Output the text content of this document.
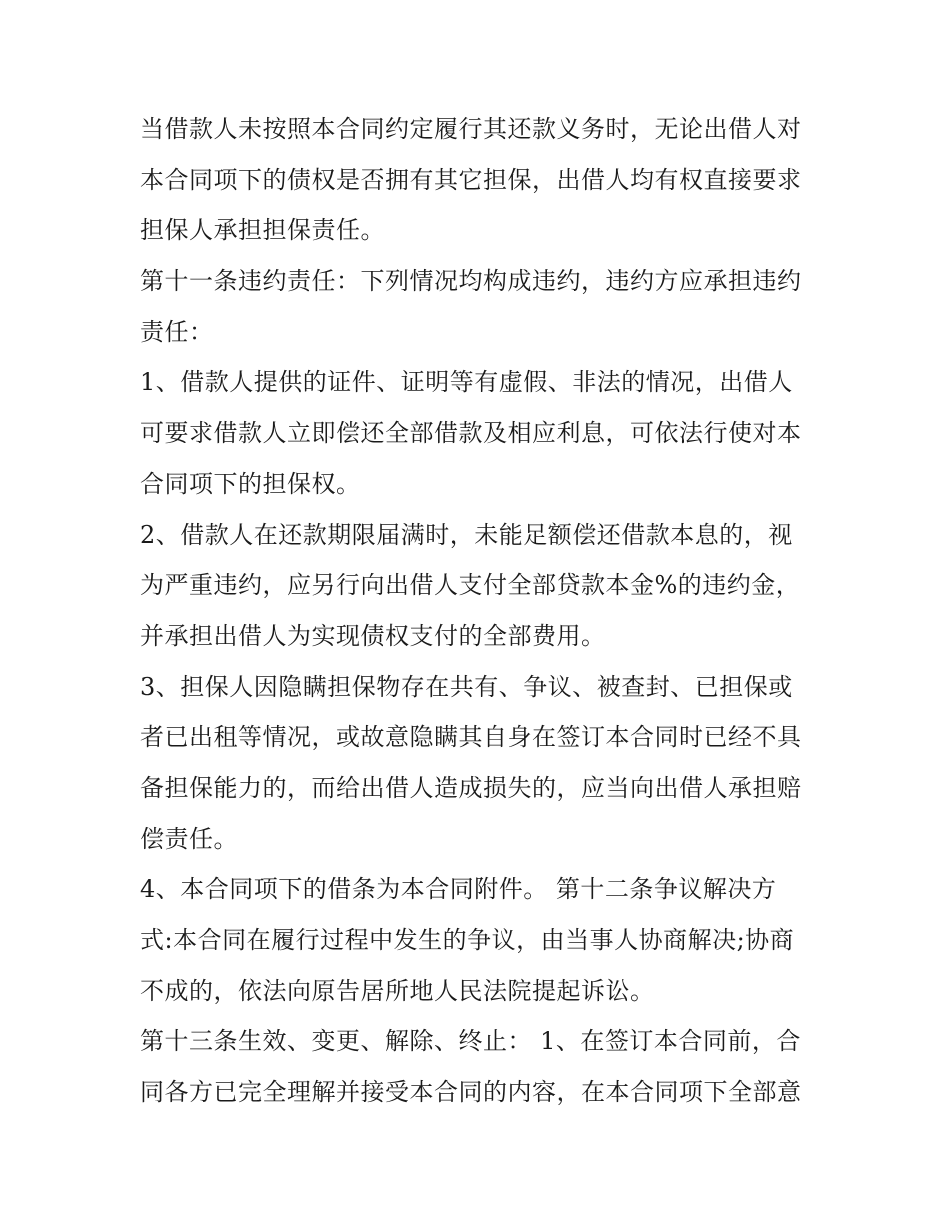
当借款人未按照本合同约定履行其还款义务时，无论出借人对
本合同项下的债权是否拥有其它担保，出借人均有权直接要求
担保人承担担保责任。
第十一条违约责任：下列情况均构成违约，违约方应承担违约
责任：
1、借款人提供的证件、证明等有虚假、非法的情况，出借人
可要求借款人立即偿还全部借款及相应利息，可依法行使对本
合同项下的担保权。
2、借款人在还款期限届满时，未能足额偿还借款本息的，视
为严重违约，应另行向出借人支付全部贷款本金%的违约金，
并承担出借人为实现债权支付的全部费用。
3、担保人因隐瞒担保物存在共有、争议、被查封、已担保或
者已出租等情况，或故意隐瞒其自身在签订本合同时已经不具
备担保能力的，而给出借人造成损失的，应当向出借人承担赔
偿责任。
4、本合同项下的借条为本合同附件。 第十二条争议解决方
式:本合同在履行过程中发生的争议，由当事人协商解决;协商
不成的，依法向原告居所地人民法院提起诉讼。
第十三条生效、变更、解除、终止： 1、在签订本合同前，合
同各方已完全理解并接受本合同的内容，在本合同项下全部意
